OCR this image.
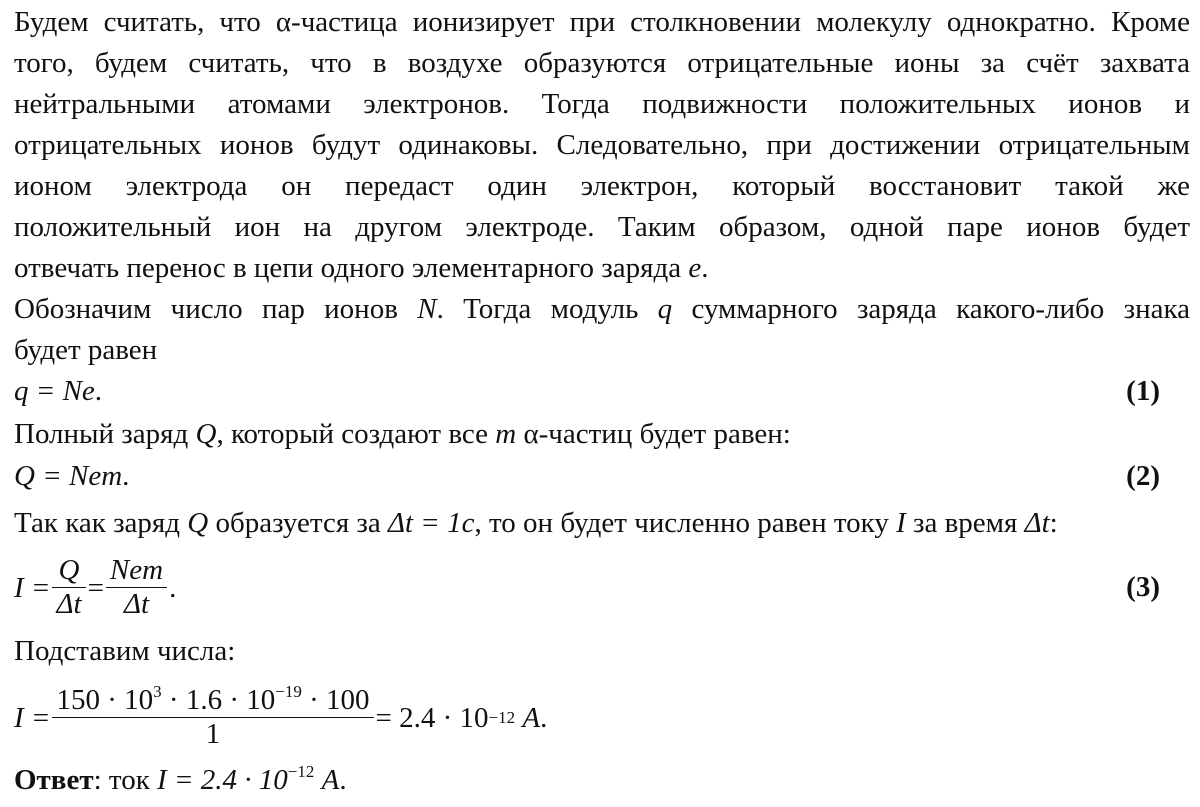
Будем считать, что α-частица ионизирует при столкновении молекулу однократно. Кроме
того, будем считать, что в воздухе образуются отрицательные ионы за счёт захвата
нейтральными атомами электронов. Тогда подвижности положительных ионов и
отрицательных ионов будут одинаковы. Следовательно, при достижении отрицательным
ионом электрода он передаст один электрон, который восстановит такой же
положительный ион на другом электроде. Таким образом, одной паре ионов будет
отвечать перенос в цепи одного элементарного заряда e.
Обозначим число пар ионов N. Тогда модуль q суммарного заряда какого-либо знака
будет равен
q = Ne.	(1)
Полный заряд Q, который создают все m α-частиц будет равен:
Q = Nem.	(2)
Так как заряд Q образуется за Δt = 1c, то он будет численно равен току I за время Δt:
$I = \frac{Q}{\Delta t} = \frac{\text{Nem}}{\Delta t}$ .	(3)
Подставим числа:
$I = \frac{150 \cdot 10^3 \cdot 1.6 \cdot 10^{-19} \cdot 100}{1} = 2.4 \cdot 10 -12$
A .
Ответ: ток $I = 2.4 \cdot 10^{-12}$ A.
